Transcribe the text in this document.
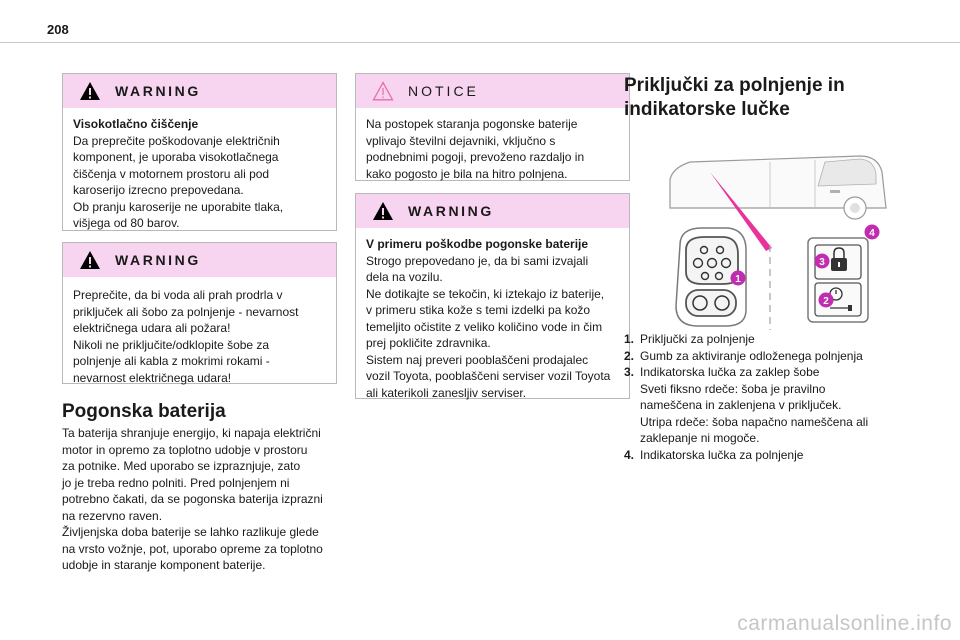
208
WARNING
Visokotlačno čiščenje

Da preprečite poškodovanje električnih

komponent, je uporaba visokotlačnega

čiščenja v motornem prostoru ali pod

karoserijo izrecno prepovedana.

Ob pranju karoserije ne uporabite tlaka,

višjega od 80 barov.

WARNING

Preprečite, da bi voda ali prah prodrla v

priključek ali šobo za polnjenje - nevarnost

električnega udara ali požara!

Nikoli ne priključite/odklopite šobe za

polnjenje ali kabla z mokrimi rokami -

nevarnost električnega udara!

Pogonska baterija

Ta baterija shranjuje energijo, ki napaja električni

motor in opremo za toplotno udobje v prostoru

za potnike. Med uporabo se izpraznjuje, zato

jo je treba redno polniti. Pred polnjenjem ni

potrebno čakati, da se pogonska baterija izprazni

na rezervno raven.

Življenjska doba baterije se lahko razlikuje glede

na vrsto vožnje, pot, uporabo opreme za toplotno

udobje in staranje komponent baterije.

NOTICE

Na postopek staranja pogonske baterije

vplivajo številni dejavniki, vključno s

podnebnimi pogoji, prevoženo razdaljo in

kako pogosto je bila na hitro polnjena.

WARNING
V primeru poškodbe pogonske baterije

Strogo prepovedano je, da bi sami izvajali

dela na vozilu.

Ne dotikajte se tekočin, ki iztekajo iz baterije,

v primeru stika kože s temi izdelki pa kožo

temeljito očistite z veliko količino vode in čim

prej pokličite zdravnika.

Sistem naj preveri pooblaščeni prodajalec

vozil Toyota, pooblaščeni serviser vozil Toyota

ali katerikoli zanesljiv serviser.

Priključki za polnjenje in
indikatorske lučke
1
2
3
4
1. Priključki za polnjenje

2. Gumb za aktiviranje odloženega polnjenja

3. Indikatorska lučka za zaklep šobe

Sveti fiksno rdeče: šoba je pravilno

nameščena in zaklenjena v priključek.

Utripa rdeče: šoba napačno nameščena ali

zaklepanje ni mogoče.

4. Indikatorska lučka za polnjenje

carmanualsonline.info
